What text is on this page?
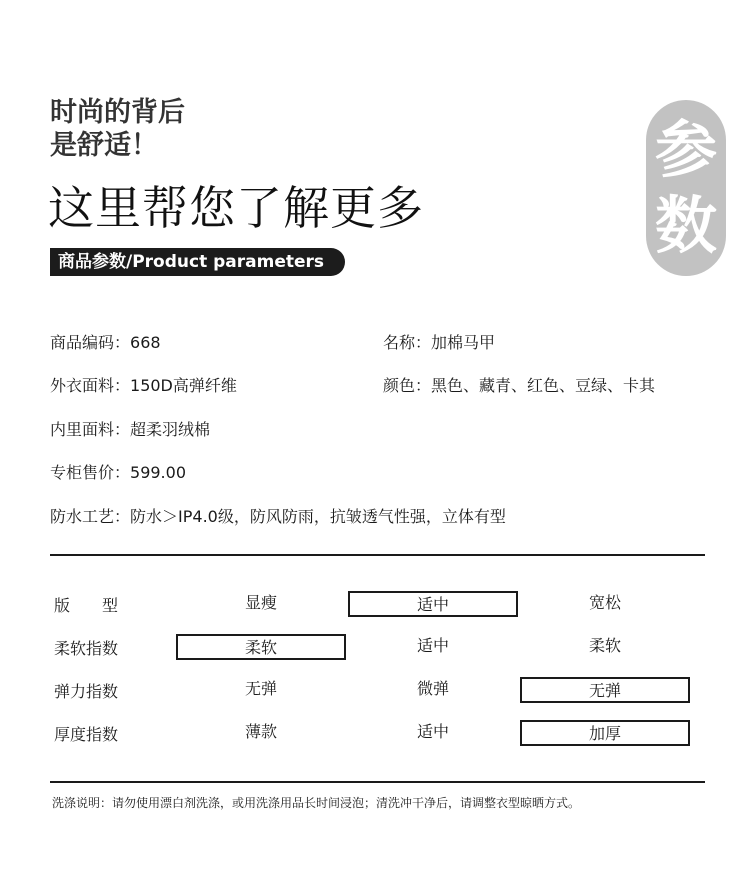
时尚的背后
是舒适！
这里帮您了解更多
商品参数/Product parameters
参
数
商品编码：668	名称：加棉马甲
外衣面料：150D高弹纤维	颜色：黑色、藏青、红色、豆绿、卡其
内里面料：超柔羽绒棉
专柜售价：599.00
防水工艺：防水＞IP4.0级，防风防雨，抗皱透气性强，立体有型
版　　型	显瘦	适中	宽松
柔软指数	柔软	适中	柔软
弹力指数	无弹	微弹	无弹
厚度指数	薄款	适中	加厚
洗涤说明：请勿使用漂白剂洗涤，或用洗涤用品长时间浸泡；清洗冲干净后，请调整衣型晾晒方式。
